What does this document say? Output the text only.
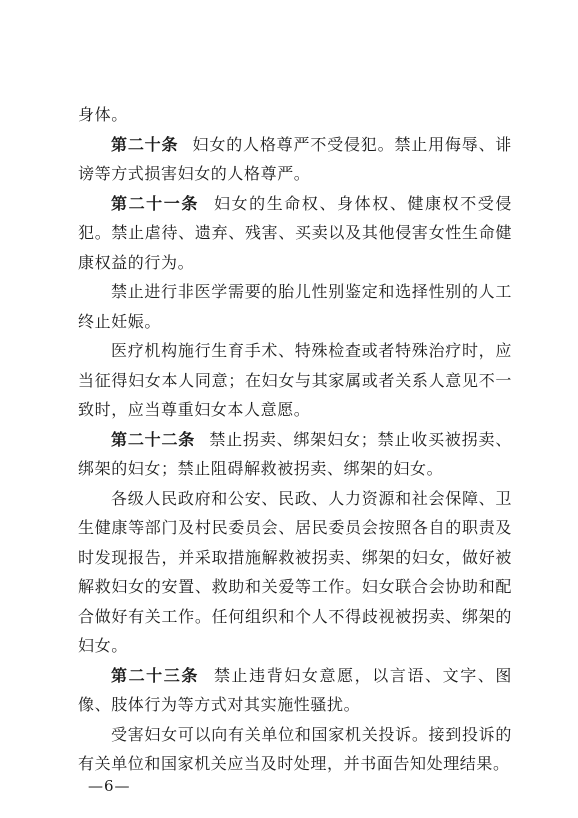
身体。

第二十条 妇女的人格尊严不受侵犯。禁止用侮辱、诽谤等方式损害妇女的人格尊严。

第二十一条 妇女的生命权、身体权、健康权不受侵犯。禁止虐待、遗弃、残害、买卖以及其他侵害女性生命健康权益的行为。

禁止进行非医学需要的胎儿性别鉴定和选择性别的人工终止妊娠。

医疗机构施行生育手术、特殊检查或者特殊治疗时，应当征得妇女本人同意；在妇女与其家属或者关系人意见不一致时，应当尊重妇女本人意愿。

第二十二条 禁止拐卖、绑架妇女；禁止收买被拐卖、绑架的妇女；禁止阻碍解救被拐卖、绑架的妇女。

各级人民政府和公安、民政、人力资源和社会保障、卫生健康等部门及村民委员会、居民委员会按照各自的职责及时发现报告，并采取措施解救被拐卖、绑架的妇女，做好被解救妇女的安置、救助和关爱等工作。妇女联合会协助和配合做好有关工作。任何组织和个人不得歧视被拐卖、绑架的妇女。

第二十三条 禁止违背妇女意愿，以言语、文字、图像、肢体行为等方式对其实施性骚扰。

受害妇女可以向有关单位和国家机关投诉。接到投诉的有关单位和国家机关应当及时处理，并书面告知处理结果。

—6—
